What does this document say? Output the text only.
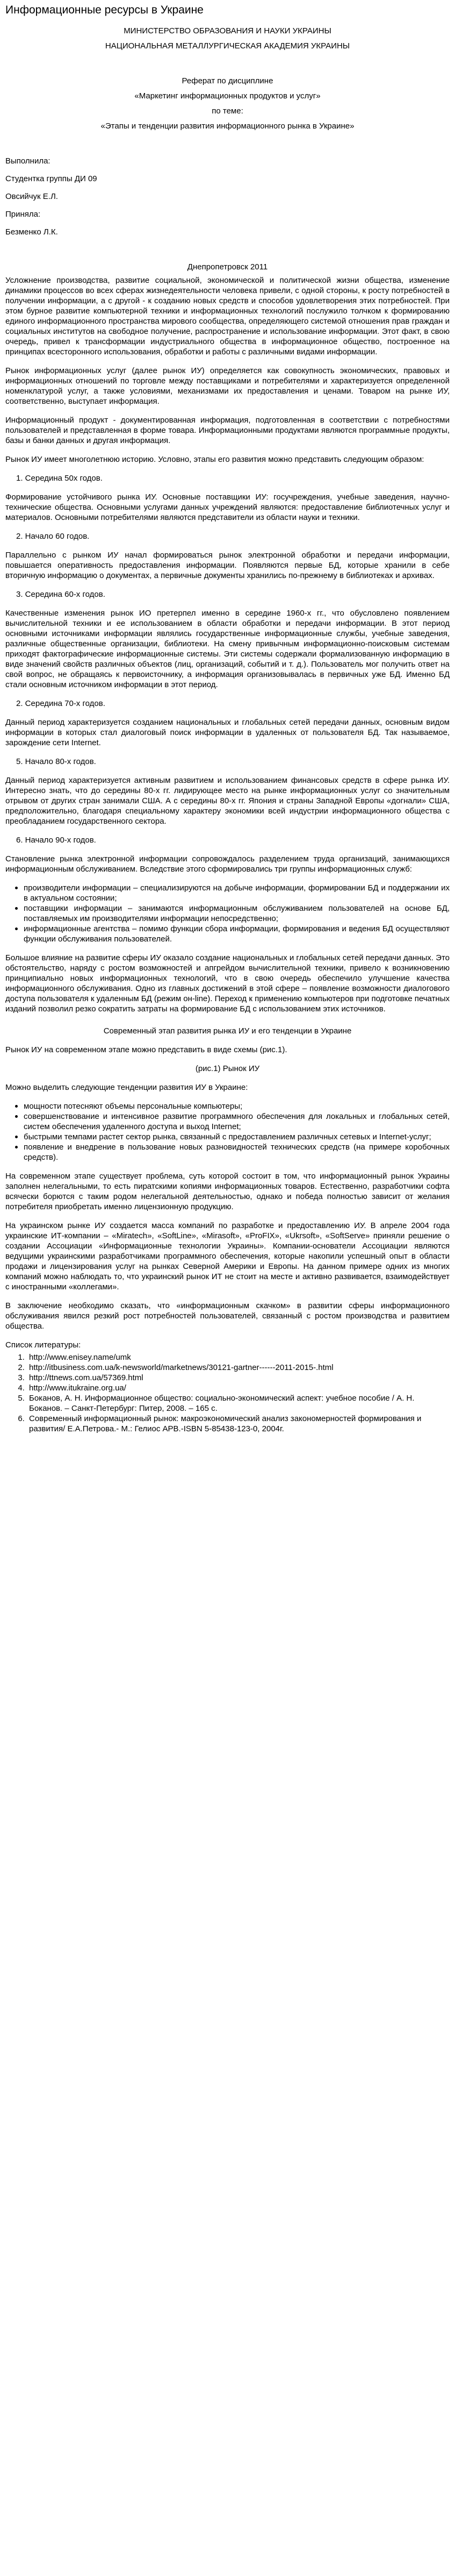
Информационные ресурсы в Украине
МИНИСТЕРСТВО ОБРАЗОВАНИЯ И НАУКИ УКРАИНЫ
НАЦИОНАЛЬНАЯ МЕТАЛЛУРГИЧЕСКАЯ АКАДЕМИЯ УКРАИНЫ
Реферат по дисциплине
«Маркетинг информационных продуктов и услуг»
по теме:
«Этапы и тенденции развития информационного рынка в Украине»

Выполнила:

Студентка группы ДИ 09

Овсийчук Е.Л.

Приняла:

Безменко Л.К.

Днепропетровск 2011

Усложнение производства, развитие социальной, экономической и политической жизни общества, изменение динамики процессов во всех сферах жизнедеятельности человека привели, с одной стороны, к росту потребностей в получении информации, а с другой - к созданию новых средств и способов удовлетворения этих потребностей. При этом бурное развитие компьютерной техники и информационных технологий послужило толчком к формированию единого информационного пространства мирового сообщества, определяющего системой отношения прав граждан и социальных институтов на свободное получение, распространение и использование информации. Этот факт, в свою очередь, привел к трансформации индустриального общества в информационное общество, построенное на принципах всесторонного использования, обработки и работы с различными видами информации.

Рынок информационных услуг (далее рынок ИУ) определяется как совокупность экономических, правовых и информационных отношений по торговле между поставщиками и потребителями и характеризуется определенной номенклатурой услуг, а также условиями, механизмами их предоставления и ценами. Товаром на рынке ИУ, соответственно, выступает информация.

Информационный продукт - документированная информация, подготовленная в соответствии с потребностями пользователей и представленная в форме товара. Информационными продуктами являются программные продукты, базы и банки данных и другая информация.

Рынок ИУ имеет многолетнюю историю. Условно, этапы его развития можно представить следующим образом:

1. Середина 50х годов.

Формирование устойчивого рынка ИУ. Основные поставщики ИУ: госучреждения, учебные заведения, научно-технические общества. Основными услугами данных учреждений являются: предоставление библиотечных услуг и материалов. Основными потребителями являются представители из области науки и техники.

2. Начало 60 годов.

Параллельно с рынком ИУ начал формироваться рынок электронной обработки и передачи информации, повышается оперативность предоставления информации. Появляются первые БД, которые хранили в себе вторичную информацию о документах, а первичные документы хранились по-прежнему в библиотеках и архивах.

3. Середина 60-х годов.

Качественные изменения рынок ИО претерпел именно в середине 1960-х гг., что обусловлено появлением вычислительной техники и ее использованием в области обработки и передачи информации. В этот период основными источниками информации являлись государственные информационные службы, учебные заведения, различные общественные организации, библиотеки. На смену привычным информационно-поисковым системам приходят фактографические информационные системы. Эти системы содержали формализованную информацию в виде значений свойств различных объектов (лиц, организаций, событий и т. д.). Пользователь мог получить ответ на свой вопрос, не обращаясь к первоисточнику, а информация организовывалась в первичных уже БД. Именно БД стали основным источником информации в этот период.

2. Середина 70-х годов.

Данный период характеризуется созданием национальных и глобальных сетей передачи данных, основным видом информации в которых стал диалоговый поиск информации в удаленных от пользователя БД. Так называемое, зарождение сети Internet.

5. Начало 80-х годов.

Данный период характеризуется активным развитием и использованием финансовых средств в сфере рынка ИУ. Интересно знать, что до середины 80-х гг. лидирующее место на рынке информационных услуг со значительным отрывом от других стран занимали США. А с середины 80-х гг. Япония и страны Западной Европы «догнали» США, предположительно, благодаря специальному характеру экономики всей индустрии информационного общества с преобладанием государственного сектора.

6. Начало 90-х годов.

Становление рынка электронной информации сопровождалось разделением труда организаций, занимающихся информационным обслуживанием. Вследствие этого сформировались три группы информационных служб:

производители информации – специализируются на добыче информации, формировании БД и поддержании их в актуальном состоянии;
поставщики информации – занимаются информационным обслуживанием пользователей на основе БД, поставляемых им производителями информации непосредственно;
информационные агентства – помимо функции сбора информации, формирования и ведения БД осуществляют функции обслуживания пользователей.

Большое влияние на развитие сферы ИУ оказало создание национальных и глобальных сетей передачи данных. Это обстоятельство, наряду с ростом возможностей и апгрейдом вычислительной техники, привело к возникновению принципиально новых информационных технологий, что в свою очередь обеспечило улучшение качества информационного обслуживания. Одно из главных достижений в этой сфере – появление возможности диалогового доступа пользователя к удаленным БД (режим он-line). Переход к применению компьютеров при подготовке печатных изданий позволил резко сократить затраты на формирование БД с использованием этих источников.

Современный этап развития рынка ИУ и его тенденции в Украине

Рынок ИУ на современном этапе можно представить в виде схемы (рис.1).

(рис.1) Рынок ИУ

Можно выделить следующие тенденции развития ИУ в Украине:

мощности потесняют объемы персональные компьютеры;
совершенствование и интенсивное развитие программного обеспечения для локальных и глобальных сетей, систем обеспечения удаленного доступа и выход Internet;
быстрыми темпами растет сектор рынка, связанный с предоставлением различных сетевых и Internet-услуг;
появление и внедрение в пользование новых разновидностей технических средств (на примере коробочных средств).

На современном этапе существует проблема, суть которой состоит в том, что информационный рынок Украины заполнен нелегальными, то есть пиратскими копиями информационных товаров. Естественно, разработчики софта всячески борются с таким родом нелегальной деятельностью, однако и победа полностью зависит от желания потребителя приобретать именно лицензионную продукцию.

На украинском рынке ИУ создается масса компаний по разработке и предоставлению ИУ. В апреле 2004 года украинские ИТ-компании – «Miratech», «SoftLine», «Mirasoft», «ProFIX», «Ukrsoft», «SoftServe» приняли решение о создании Ассоциации «Информационные технологии Украины». Компании-основатели Ассоциации являются ведущими украинскими разработчиками программного обеспечения, которые накопили успешный опыт в области продажи и лицензирования услуг на рынках Северной Америки и Европы. На данном примере одних из многих компаний можно наблюдать то, что украинский рынок ИТ не стоит на месте и активно развивается, взаимодействует с иностранными «коллегами».

В заключение необходимо сказать, что «информационным скачком» в развитии сферы информационного обслуживания явился резкий рост потребностей пользователей, связанный с ростом производства и развитием общества.

Список литературы:

1. http://www.enisey.name/umk
2. http://itbusiness.com.ua/k-newsworld/marketnews/30121-gartner------2011-2015-.html
3. http://ttnews.com.ua/57369.html
4. http://www.itukraine.org.ua/
5. Боканов, А. Н. Информационное общество: социально-экономический аспект: учебное пособие / А. Н. Боканов. – Санкт-Петербург: Питер, 2008. – 165 с.
6. Современный информационный рынок: макроэкономический анализ закономерностей формирования и развития/ Е.А.Петрова.- М.: Гелиос АРВ.-ISBN 5-85438-123-0, 2004г.
